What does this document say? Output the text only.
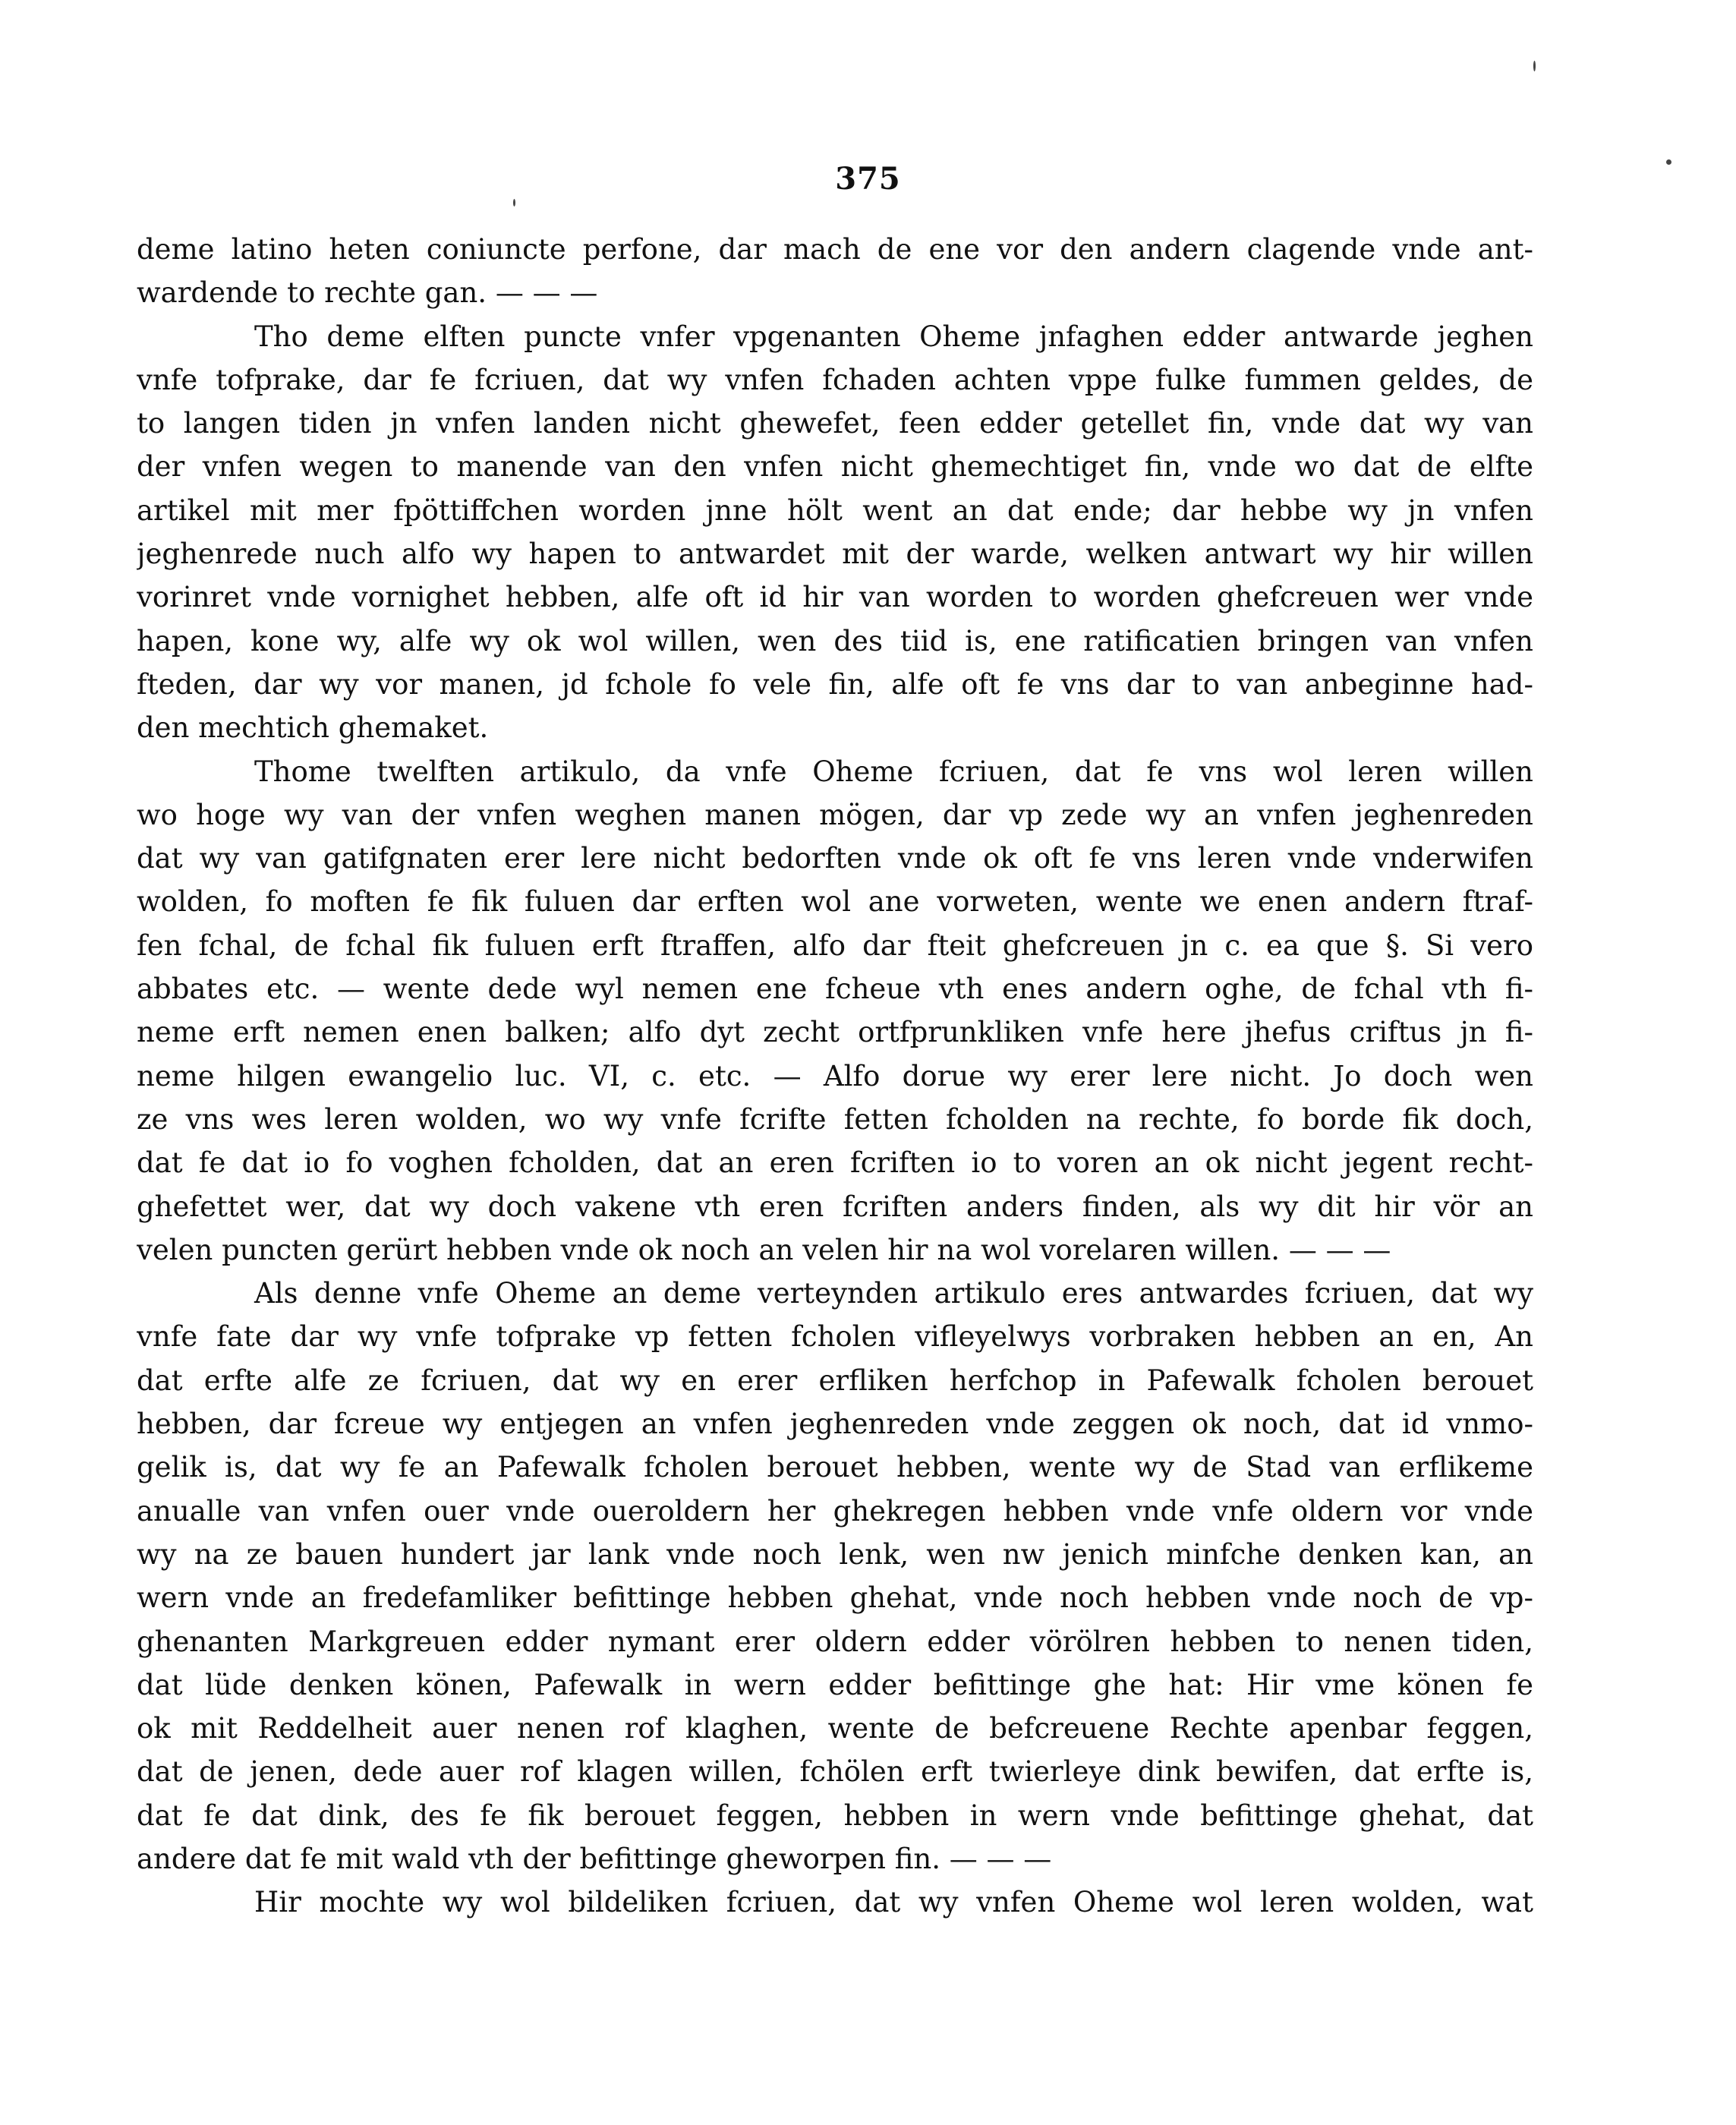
375
deme latino heten coniuncte perfone, dar mach de ene vor den andern clagende vnde ant-
wardende to rechte gan. — — —
Tho deme elften puncte vnfer vpgenanten Oheme jnfaghen edder antwarde jeghen
vnfe tofprake, dar fe fcriuen, dat wy vnfen fchaden achten vppe fulke fummen geldes, de
to langen tiden jn vnfen landen nicht ghewefet, feen edder getellet fin, vnde dat wy van
der vnfen wegen to manende van den vnfen nicht ghemechtiget fin, vnde wo dat de elfte
artikel mit mer fpöttiffchen worden jnne hölt went an dat ende; dar hebbe wy jn vnfen
jeghenrede nuch alfo wy hapen to antwardet mit der warde, welken antwart wy hir willen
vorinret vnde vornighet hebben, alfe oft id hir van worden to worden ghefcreuen wer vnde
hapen, kone wy, alfe wy ok wol willen, wen des tiid is, ene ratificatien bringen van vnfen
fteden, dar wy vor manen, jd fchole fo vele fin, alfe oft fe vns dar to van anbeginne had-
den mechtich ghemaket.
Thome twelften artikulo, da vnfe Oheme fcriuen, dat fe vns wol leren willen
wo hoge wy van der vnfen weghen manen mögen, dar vp zede wy an vnfen jeghenreden
dat wy van gatifgnaten erer lere nicht bedorften vnde ok oft fe vns leren vnde vnderwifen
wolden, fo moften fe fik fuluen dar erften wol ane vorweten, wente we enen andern ftraf-
fen fchal, de fchal fik fuluen erft ftraffen, alfo dar fteit ghefcreuen jn c. ea que §. Si vero
abbates etc. — wente dede wyl nemen ene fcheue vth enes andern oghe, de fchal vth fi-
neme erft nemen enen balken; alfo dyt zecht ortfprunkliken vnfe here jhefus criftus jn fi-
neme hilgen ewangelio luc. VI, c. etc. — Alfo dorue wy erer lere nicht. Jo doch wen
ze vns wes leren wolden, wo wy vnfe fcrifte fetten fcholden na rechte, fo borde fik doch,
dat fe dat io fo voghen fcholden, dat an eren fcriften io to voren an ok nicht jegent recht-
ghefettet wer, dat wy doch vakene vth eren fcriften anders finden, als wy dit hir vör an
velen puncten gerürt hebben vnde ok noch an velen hir na wol vorelaren willen. — — —
Als denne vnfe Oheme an deme verteynden artikulo eres antwardes fcriuen, dat wy
vnfe fate dar wy vnfe tofprake vp fetten fcholen vifleyelwys vorbraken hebben an en, An
dat erfte alfe ze fcriuen, dat wy en erer erfliken herfchop in Pafewalk fcholen berouet
hebben, dar fcreue wy entjegen an vnfen jeghenreden vnde zeggen ok noch, dat id vnmo-
gelik is, dat wy fe an Pafewalk fcholen berouet hebben, wente wy de Stad van erflikeme
anualle van vnfen ouer vnde oueroldern her ghekregen hebben vnde vnfe oldern vor vnde
wy na ze bauen hundert jar lank vnde noch lenk, wen nw jenich minfche denken kan, an
wern vnde an fredefamliker befittinge hebben ghehat, vnde noch hebben vnde noch de vp-
ghenanten Markgreuen edder nymant erer oldern edder vörölren hebben to nenen tiden,
dat lüde denken könen, Pafewalk in wern edder befittinge ghe hat: Hir vme könen fe
ok mit Reddelheit auer nenen rof klaghen, wente de befcreuene Rechte apenbar feggen,
dat de jenen, dede auer rof klagen willen, fchölen erft twierleye dink bewifen, dat erfte is,
dat fe dat dink, des fe fik berouet feggen, hebben in wern vnde befittinge ghehat, dat
andere dat fe mit wald vth der befittinge gheworpen fin. — — —
Hir mochte wy wol bildeliken fcriuen, dat wy vnfen Oheme wol leren wolden, wat
